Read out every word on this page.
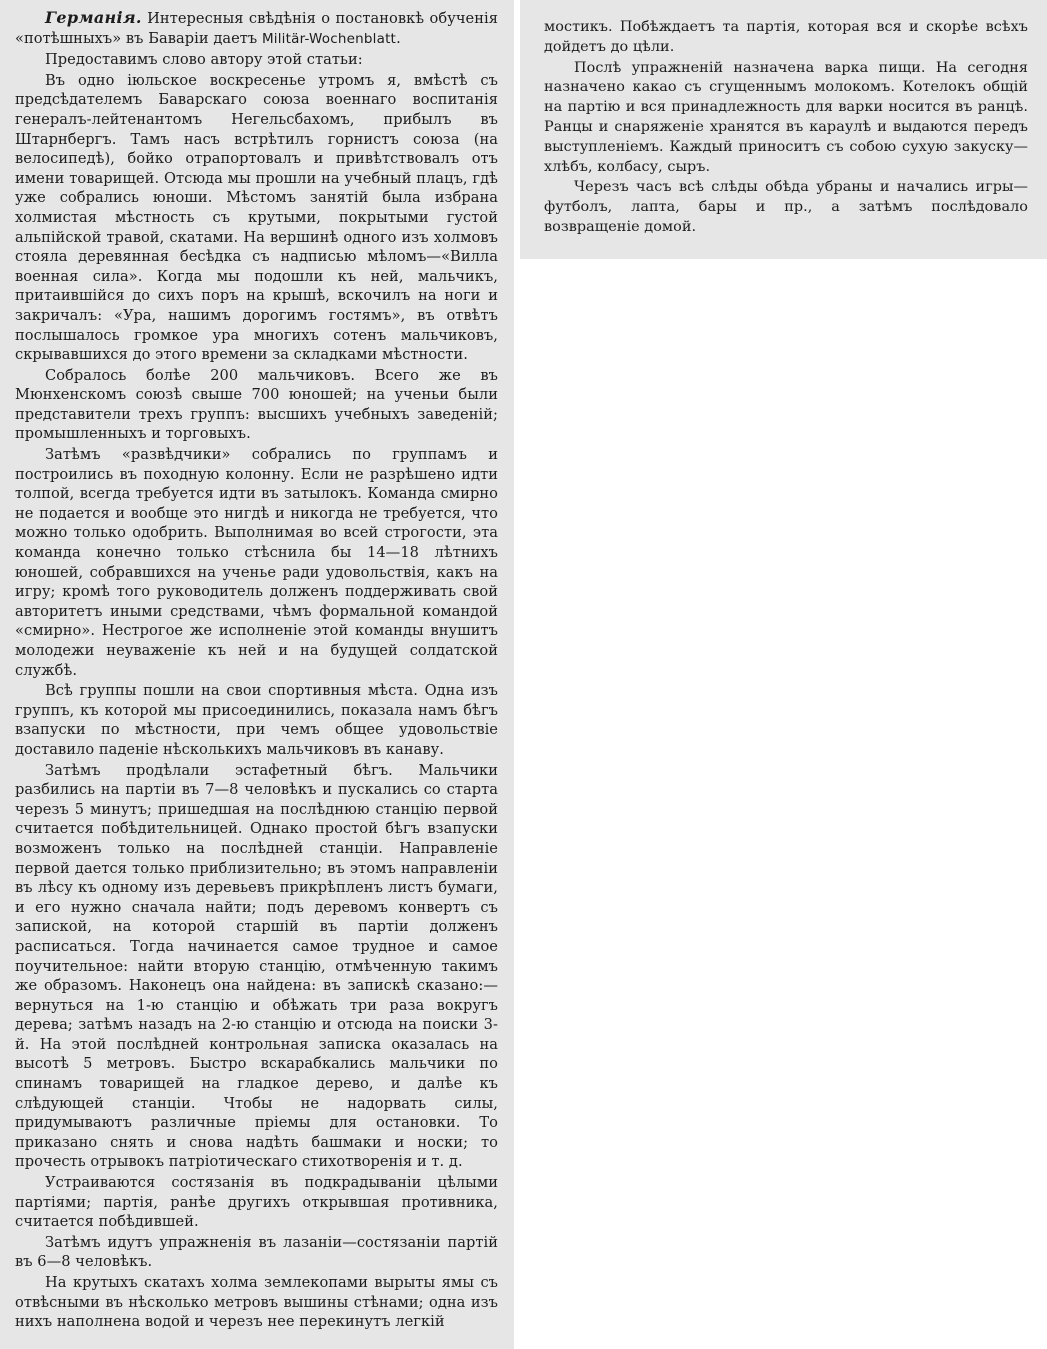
Германія. Интересныя свѣдѣнія о постановкѣ обученія «потѣшныхъ» въ Баваріи даетъ Militär-Wochenblatt.

Предоставимъ слово автору этой статьи:

Въ одно іюльское воскресенье утромъ я, вмѣстѣ съ предсѣдателемъ Баварскаго союза военнаго воспитанія генералъ-лейтенантомъ Негельсбахомъ, прибылъ въ Штарнбергъ. Тамъ насъ встрѣтилъ горнистъ союза (на велосипедѣ), бойко отрапортовалъ и привѣтствовалъ отъ имени товарищей. Отсюда мы прошли на учебный плацъ, гдѣ уже собрались юноши. Мѣстомъ занятій была избрана холмистая мѣстность съ крутыми, покрытыми густой альпійской травой, скатами. На вершинѣ одного изъ холмовъ стояла деревянная бесѣдка съ надписью мѣломъ—«Вилла военная сила». Когда мы подошли къ ней, мальчикъ, притаившійся до сихъ поръ на крышѣ, вскочилъ на ноги и закричалъ: «Ура, нашимъ дорогимъ гостямъ», въ отвѣтъ послышалось громкое ура многихъ сотенъ мальчиковъ, скрывавшихся до этого времени за складками мѣстности.

Собралось болѣе 200 мальчиковъ. Всего же въ Мюнхенскомъ союзѣ свыше 700 юношей; на ученьи были представители трехъ группъ: высшихъ учебныхъ заведеній; промышленныхъ и торговыхъ.

Затѣмъ «развѣдчики» собрались по группамъ и построились въ походную колонну. Если не разрѣшено идти толпой, всегда требуется идти въ затылокъ. Команда смирно не подается и вообще это нигдѣ и никогда не требуется, что можно только одобрить. Выполнимая во всей строгости, эта команда конечно только стѣснила бы 14—18 лѣтнихъ юношей, собравшихся на ученье ради удовольствія, какъ на игру; кромѣ того руководитель долженъ поддерживать свой авторитетъ иными средствами, чѣмъ формальной командой «смирно». Нестрогое же исполненіе этой команды внушитъ молодежи неуваженіе къ ней и на будущей солдатской службѣ.

Всѣ группы пошли на свои спортивныя мѣста. Одна изъ группъ, къ которой мы присоединились, показала намъ бѣгъ взапуски по мѣстности, при чемъ общее удовольствіе доставило паденіе нѣсколькихъ мальчиковъ въ канаву.

Затѣмъ продѣлали эстафетный бѣгъ. Мальчики разбились на партіи въ 7—8 человѣкъ и пускались со старта черезъ 5 минутъ; пришедшая на послѣднюю станцію первой считается побѣдительницей. Однако простой бѣгъ взапуски возможенъ только на послѣдней станціи. Направленіе первой дается только приблизительно; въ этомъ направленіи въ лѣсу къ одному изъ деревьевъ прикрѣпленъ листъ бумаги, и его нужно сначала найти; подъ деревомъ конвертъ съ запиской, на которой старшій въ партіи долженъ расписаться. Тогда начинается самое трудное и самое поучительное: найти вторую станцію, отмѣченную такимъ же образомъ. Наконецъ она найдена: въ запискѣ сказано:—вернуться на 1-ю станцію и обѣжать три раза вокругъ дерева; затѣмъ назадъ на 2-ю станцію и отсюда на поиски 3-й. На этой послѣдней контрольная записка оказалась на высотѣ 5 метровъ. Быстро вскарабкались мальчики по спинамъ товарищей на гладкое дерево, и далѣе къ слѣдующей станціи. Чтобы не надорвать силы, придумываютъ различные пріемы для остановки. То приказано снять и снова надѣть башмаки и носки; то прочесть отрывокъ патріотическаго стихотворенія и т. д.

Устраиваются состязанія въ подкрадываніи цѣлыми партіями; партія, ранѣе другихъ открывшая противника, считается побѣдившей.

Затѣмъ идутъ упражненія въ лазаніи—состязаніи партій въ 6—8 человѣкъ.

На крутыхъ скатахъ холма землекопами вырыты ямы съ отвѣсными въ нѣсколько метровъ вышины стѣнами; одна изъ нихъ наполнена водой и черезъ нее перекинутъ легкій

мостикъ. Побѣждаетъ та партія, которая вся и скорѣе всѣхъ дойдетъ до цѣли.

Послѣ упражненій назначена варка пищи. На сегодня назначено какао съ сгущеннымъ молокомъ. Котелокъ общій на партію и вся принадлежность для варки носится въ ранцѣ. Ранцы и снаряженіе хранятся въ караулѣ и выдаются передъ выступленіемъ. Каждый приноситъ съ собою сухую закуску—хлѣбъ, колбасу, сыръ.

Черезъ часъ всѣ слѣды обѣда убраны и начались игры—футболъ, лапта, бары и пр., а затѣмъ послѣдовало возвращеніе домой.
